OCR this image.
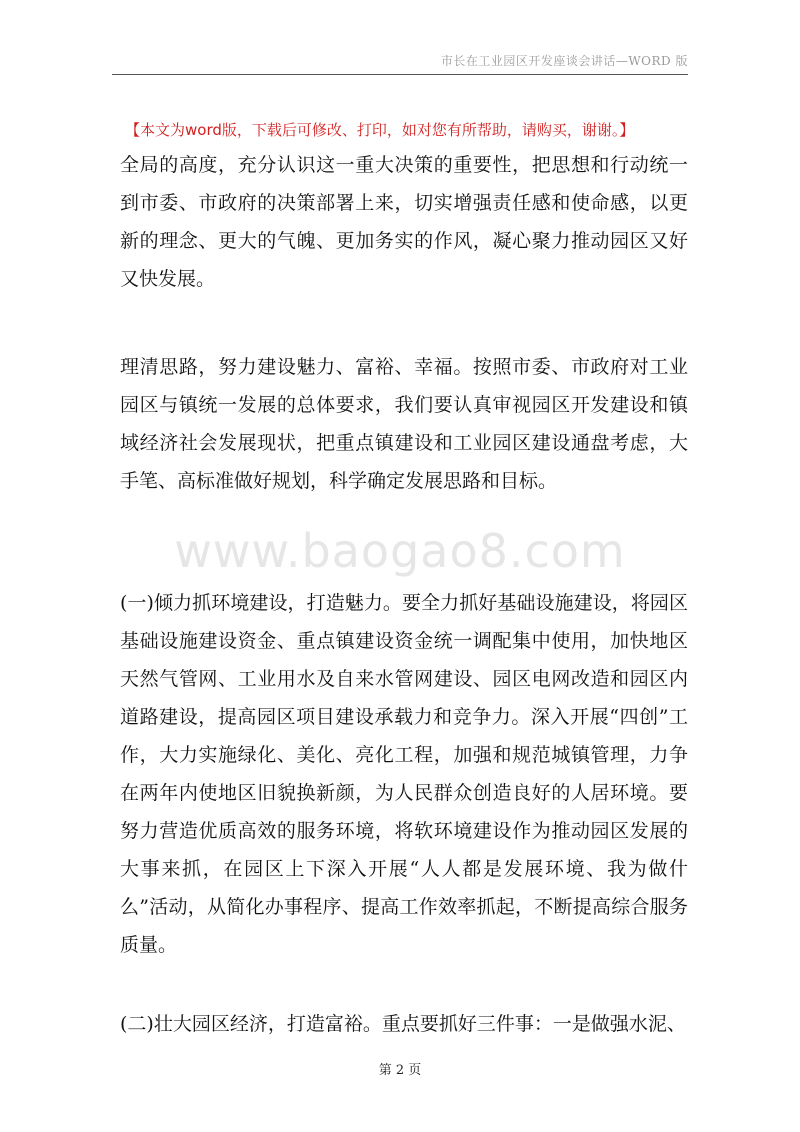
市长在工业园区开发座谈会讲话—WORD 版
【本文为word版，下载后可修改、打印，如对您有所帮助，请购买，谢谢。】
www.baogao8.com

全局的高度，充分认识这一重大决策的重要性，把思想和行动统一到市委、市政府的决策部署上来，切实增强责任感和使命感，以更新的理念、更大的气魄、更加务实的作风，凝心聚力推动园区又好又快发展。

理清思路，努力建设魅力、富裕、幸福。按照市委、市政府对工业园区与镇统一发展的总体要求，我们要认真审视园区开发建设和镇域经济社会发展现状，把重点镇建设和工业园区建设通盘考虑，大手笔、高标准做好规划，科学确定发展思路和目标。

(一)倾力抓环境建设，打造魅力。要全力抓好基础设施建设，将园区基础设施建设资金、重点镇建设资金统一调配集中使用，加快地区天然气管网、工业用水及自来水管网建设、园区电网改造和园区内道路建设，提高园区项目建设承载力和竞争力。深入开展“四创”工作，大力实施绿化、美化、亮化工程，加强和规范城镇管理，力争在两年内使地区旧貌换新颜，为人民群众创造良好的人居环境。要努力营造优质高效的服务环境，将软环境建设作为推动园区发展的大事来抓，在园区上下深入开展“人人都是发展环境、我为做什么”活动，从简化办事程序、提高工作效率抓起，不断提高综合服务质量。

(二)壮大园区经济，打造富裕。重点要抓好三件事：一是做强水泥、

第 2 页
